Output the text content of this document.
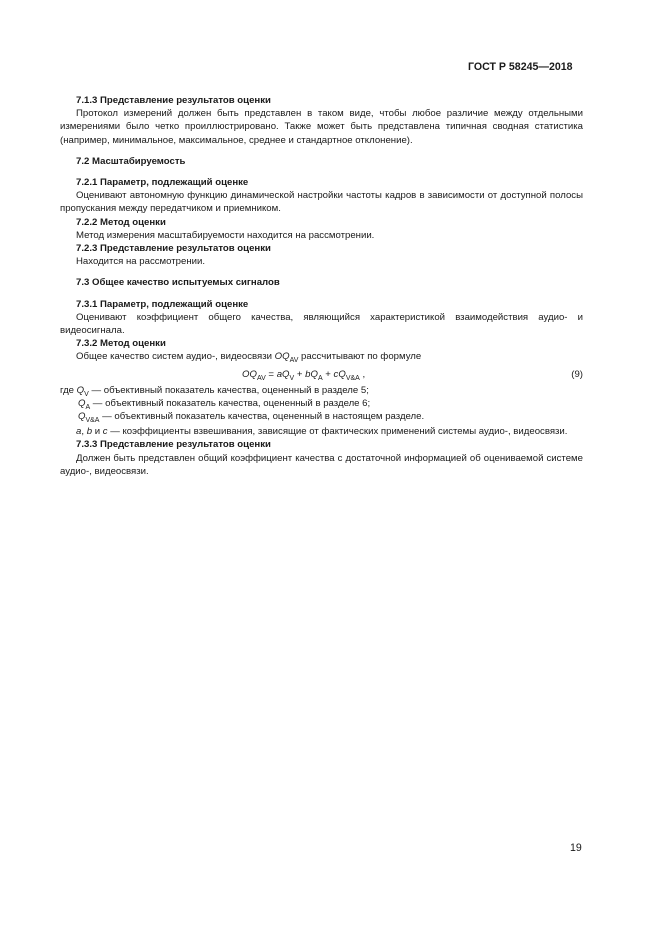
ГОСТ Р 58245—2018

7.1.3 Представление результатов оценки

Протокол измерений должен быть представлен в таком виде, чтобы любое различие между отдельными измерениями было четко проиллюстрировано. Также может быть представлена типичная сводная статистика (например, минимальное, максимальное, среднее и стандартное отклонение).

7.2 Масштабируемость

7.2.1 Параметр, подлежащий оценке

Оценивают автономную функцию динамической настройки частоты кадров в зависимости от доступной полосы пропускания между передатчиком и приемником.

7.2.2 Метод оценки

Метод измерения масштабируемости находится на рассмотрении.

7.2.3 Представление результатов оценки

Находится на рассмотрении.

7.3 Общее качество испытуемых сигналов

7.3.1 Параметр, подлежащий оценке

Оценивают коэффициент общего качества, являющийся характеристикой взаимодействия аудио- и видеосигнала.

7.3.2 Метод оценки

Общее качество систем аудио-, видеосвязи $OQ_{AV}$ рассчитывают по формуле

$OQ_{AV} = aQ_V + bQ_A + cQ_{V\&A}$ ,	(9)

где $Q_V$ — объективный показатель качества, оцененный в разделе 5;

$Q_A$ — объективный показатель качества, оцененный в разделе 6;

$Q_{V\&A}$ — объективный показатель качества, оцененный в настоящем разделе.

a, b и c — коэффициенты взвешивания, зависящие от фактических применений системы аудио-, видеосвязи.

7.3.3 Представление результатов оценки

Должен быть представлен общий коэффициент качества с достаточной информацией об оцениваемой системе аудио-, видеосвязи.

19
